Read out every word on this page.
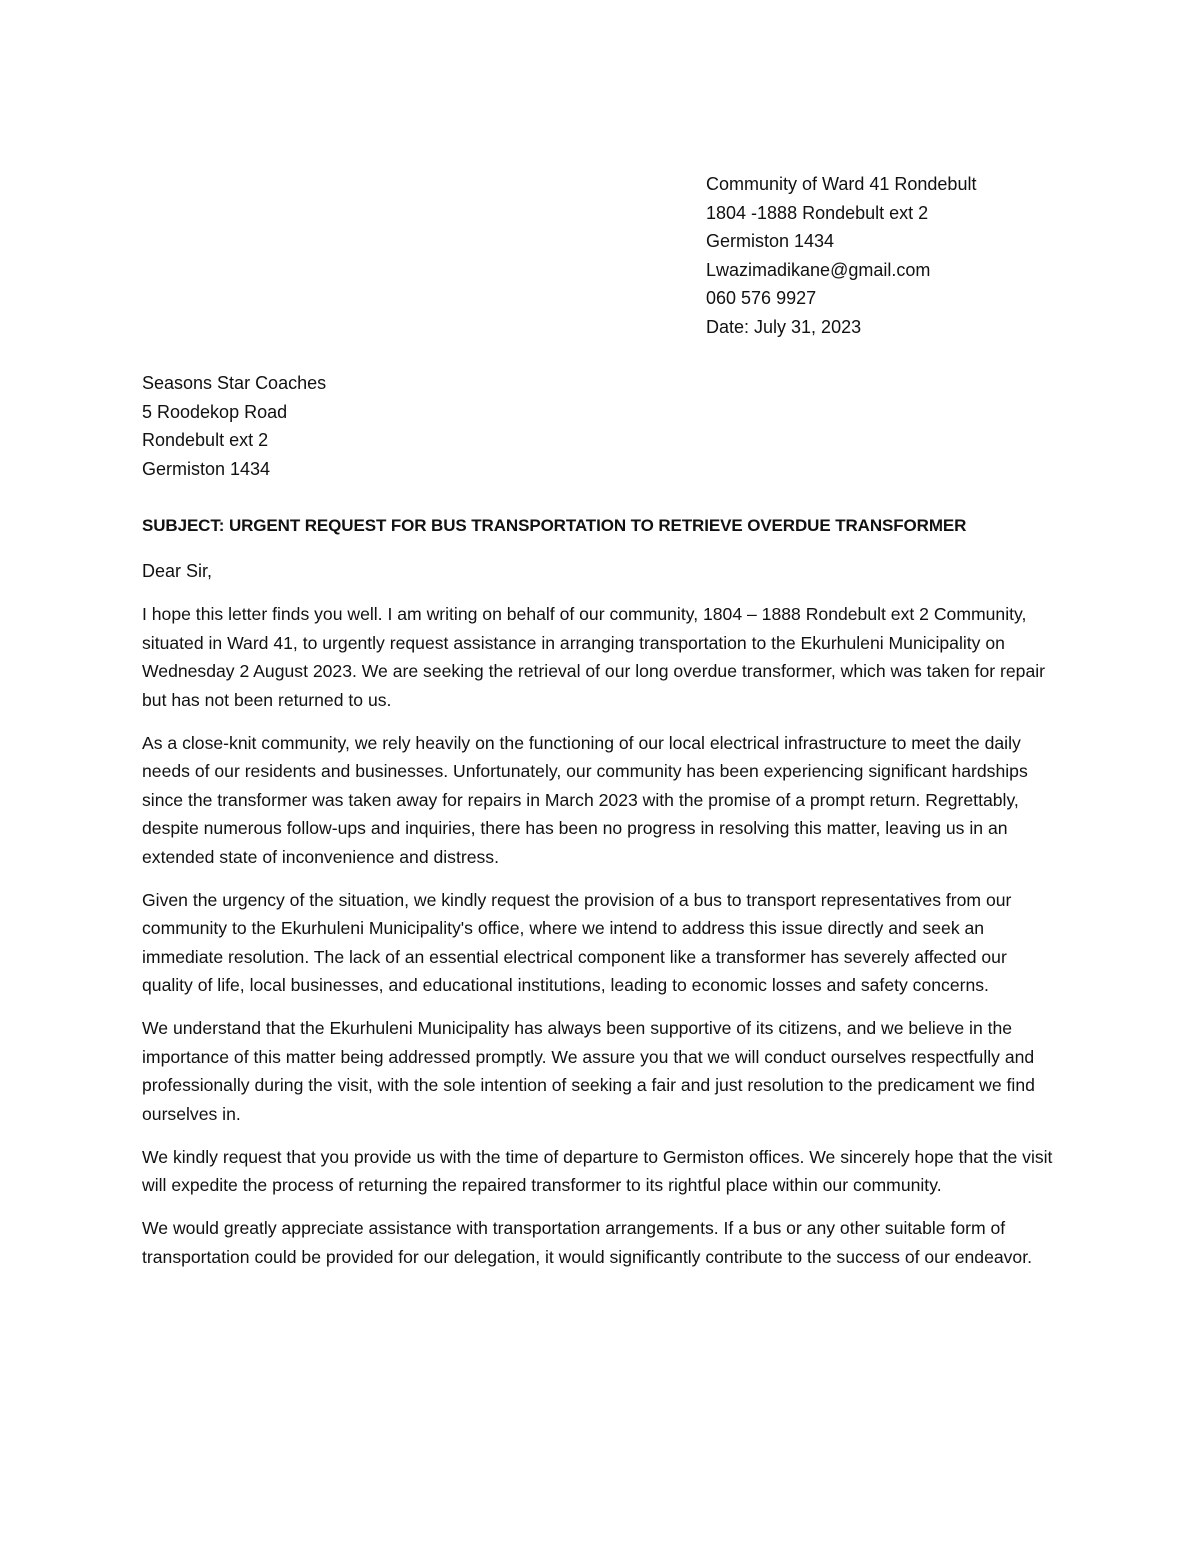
Community of Ward 41 Rondebult
1804 -1888 Rondebult ext 2
Germiston 1434
Lwazimadikane@gmail.com
060 576 9927
Date: July 31, 2023
Seasons Star Coaches
5 Roodekop Road
Rondebult ext 2
Germiston 1434
SUBJECT: URGENT REQUEST FOR BUS TRANSPORTATION TO RETRIEVE OVERDUE TRANSFORMER
Dear Sir,

I hope this letter finds you well. I am writing on behalf of our community, 1804 – 1888 Rondebult ext 2 Community, situated in Ward 41, to urgently request assistance in arranging transportation to the Ekurhuleni Municipality on Wednesday 2 August 2023. We are seeking the retrieval of our long overdue transformer, which was taken for repair but has not been returned to us.

As a close-knit community, we rely heavily on the functioning of our local electrical infrastructure to meet the daily needs of our residents and businesses. Unfortunately, our community has been experiencing significant hardships since the transformer was taken away for repairs in March 2023 with the promise of a prompt return. Regrettably, despite numerous follow-ups and inquiries, there has been no progress in resolving this matter, leaving us in an extended state of inconvenience and distress.

Given the urgency of the situation, we kindly request the provision of a bus to transport representatives from our community to the Ekurhuleni Municipality's office, where we intend to address this issue directly and seek an immediate resolution. The lack of an essential electrical component like a transformer has severely affected our quality of life, local businesses, and educational institutions, leading to economic losses and safety concerns.

We understand that the Ekurhuleni Municipality has always been supportive of its citizens, and we believe in the importance of this matter being addressed promptly. We assure you that we will conduct ourselves respectfully and professionally during the visit, with the sole intention of seeking a fair and just resolution to the predicament we find ourselves in.

We kindly request that you provide us with the time of departure to Germiston offices. We sincerely hope that the visit will expedite the process of returning the repaired transformer to its rightful place within our community.

We would greatly appreciate assistance with transportation arrangements. If a bus or any other suitable form of transportation could be provided for our delegation, it would significantly contribute to the success of our endeavor.
